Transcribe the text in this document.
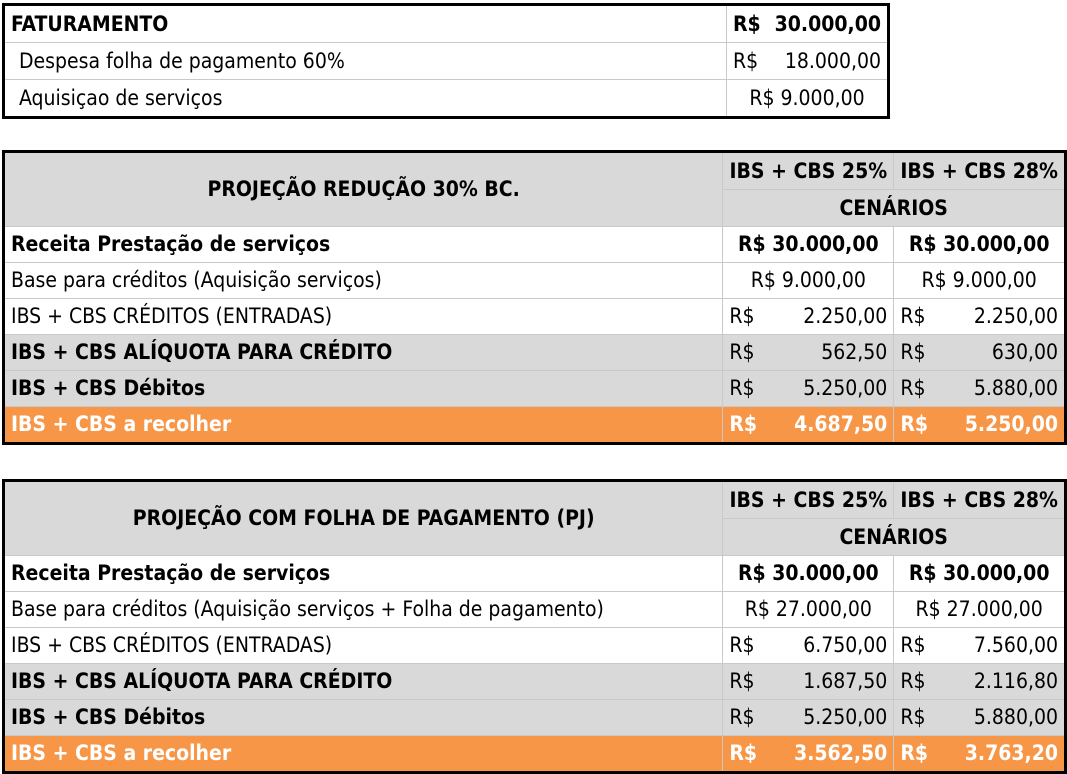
FATURAMENTO	R$ 30.000,00

Despesa folha de pagamento 60%	R$ 18.000,00

Aquisiçao de serviços	R$ 9.000,00
PROJEÇÃO REDUÇÃO 30% BC.	IBS + CBS 25%	IBS + CBS 28%
	CENÁRIOS	
Receita Prestação de serviços	R$ 30.000,00	R$ 30.000,00
Base para créditos (Aquisição serviços)	R$ 9.000,00	R$ 9.000,00
IBS + CBS CRÉDITOS (ENTRADAS)	R$ 2.250,00	R$ 2.250,00

IBS + CBS ALÍQUOTA PARA CRÉDITO	R$ 562,50	R$ 630,00

IBS + CBS Débitos	R$ 5.250,00	R$ 5.880,00

IBS + CBS a recolher	R$ 4.687,50	R$ 5.250,00
PROJEÇÃO COM FOLHA DE PAGAMENTO (PJ)	IBS + CBS 25%	IBS + CBS 28%
	CENÁRIOS	
Receita Prestação de serviços	R$ 30.000,00	R$ 30.000,00
Base para créditos (Aquisição serviços + Folha de pagamento)	R$ 27.000,00	R$ 27.000,00
IBS + CBS CRÉDITOS (ENTRADAS)	R$ 6.750,00	R$ 7.560,00

IBS + CBS ALÍQUOTA PARA CRÉDITO	R$ 1.687,50	R$ 2.116,80

IBS + CBS Débitos	R$ 5.250,00	R$ 5.880,00

IBS + CBS a recolher	R$ 3.562,50	R$ 3.763,20
